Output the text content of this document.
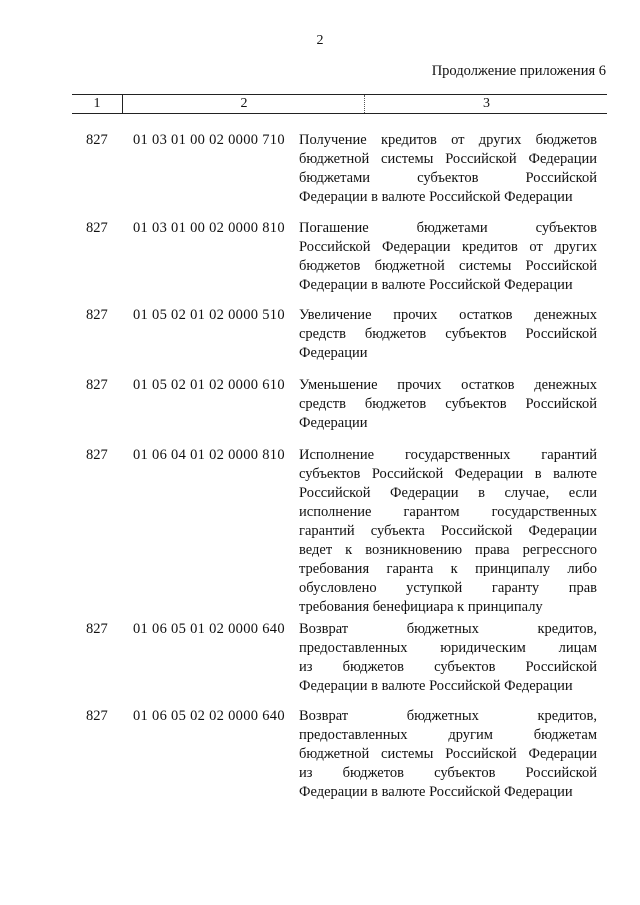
2
Продолжение приложения 6
1	2	3
827 01 03 01 00 02 0000 710 Получение кредитов от других бюджетов
бюджетной системы Российской Федерации
бюджетами субъектов Российской
Федерации в валюте Российской Федерации
827 01 03 01 00 02 0000 810 Погашение бюджетами субъектов
Российской Федерации кредитов от других
бюджетов бюджетной системы Российской
Федерации в валюте Российской Федерации
827 01 05 02 01 02 0000 510 Увеличение прочих остатков денежных
средств бюджетов субъектов Российской
Федерации
827 01 05 02 01 02 0000 610 Уменьшение прочих остатков денежных
средств бюджетов субъектов Российской
Федерации
827 01 06 04 01 02 0000 810 Исполнение государственных гарантий
субъектов Российской Федерации в валюте
Российской Федерации в случае, если
исполнение гарантом государственных
гарантий субъекта Российской Федерации
ведет к возникновению права регрессного
требования гаранта к принципалу либо
обусловлено уступкой гаранту прав
требования бенефициара к принципалу
827 01 06 05 01 02 0000 640 Возврат бюджетных кредитов,
предоставленных юридическим лицам
из бюджетов субъектов Российской
Федерации в валюте Российской Федерации
827 01 06 05 02 02 0000 640 Возврат бюджетных кредитов,
предоставленных другим бюджетам
бюджетной системы Российской Федерации
из бюджетов субъектов Российской
Федерации в валюте Российской Федерации
